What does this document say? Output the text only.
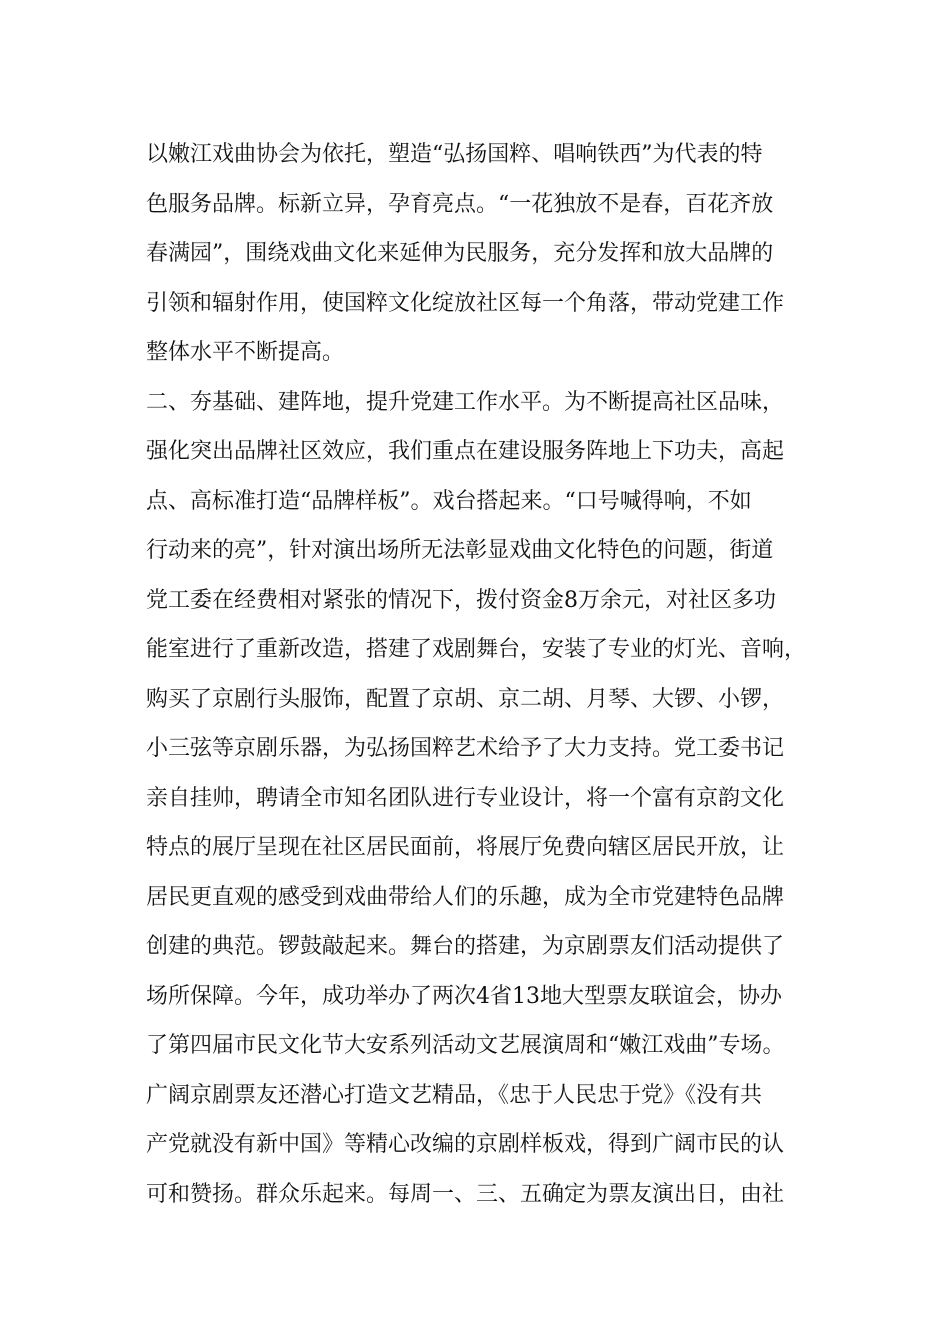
以嫩江戏曲协会为依托，塑造“弘扬国粹、唱响铁西”为代表的特
色服务品牌。标新立异，孕育亮点。“一花独放不是春，百花齐放
春满园”，围绕戏曲文化来延伸为民服务，充分发挥和放大品牌的
引领和辐射作用，使国粹文化绽放社区每一个角落，带动党建工作
整体水平不断提高。
二、夯基础、建阵地，提升党建工作水平。为不断提高社区品味，
强化突出品牌社区效应，我们重点在建设服务阵地上下功夫，高起
点、高标准打造“品牌样板”。戏台搭起来。“口号喊得响，不如
行动来的亮”，针对演出场所无法彰显戏曲文化特色的问题，街道
党工委在经费相对紧张的情况下，拨付资金8万余元，对社区多功
能室进行了重新改造，搭建了戏剧舞台，安装了专业的灯光、音响，
购买了京剧行头服饰，配置了京胡、京二胡、月琴、大锣、小锣，
小三弦等京剧乐器，为弘扬国粹艺术给予了大力支持。党工委书记
亲自挂帅，聘请全市知名团队进行专业设计，将一个富有京韵文化
特点的展厅呈现在社区居民面前，将展厅免费向辖区居民开放，让
居民更直观的感受到戏曲带给人们的乐趣，成为全市党建特色品牌
创建的典范。锣鼓敲起来。舞台的搭建，为京剧票友们活动提供了
场所保障。今年，成功举办了两次4省13地大型票友联谊会，协办
了第四届市民文化节大安系列活动文艺展演周和“嫩江戏曲”专场。
广阔京剧票友还潜心打造文艺精品，《忠于人民忠于党》《没有共
产党就没有新中国》等精心改编的京剧样板戏，得到广阔市民的认
可和赞扬。群众乐起来。每周一、三、五确定为票友演出日，由社
